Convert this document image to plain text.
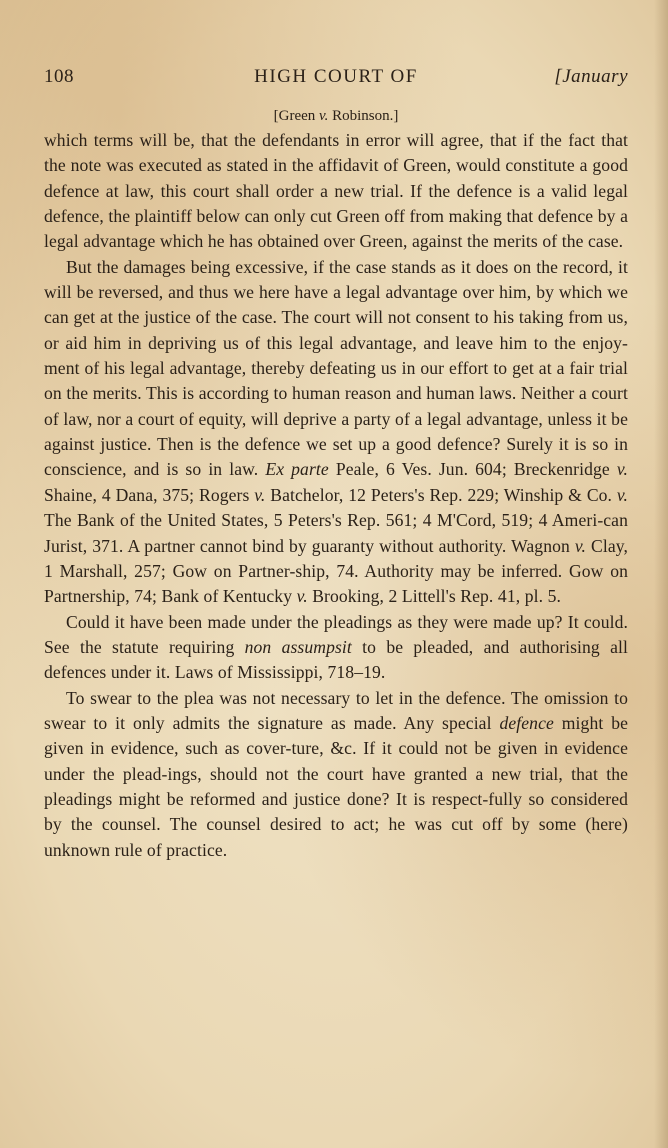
108	HIGH COURT OF	[January
[Green v. Robinson.]

which terms will be, that the defendants in error will agree, that if the fact that the note was executed as stated in the affidavit of Green, would constitute a good defence at law, this court shall order a new trial. If the defence is a valid legal defence, the plaintiff below can only cut Green off from making that defence by a legal advantage which he has obtained over Green, against the merits of the case.

But the damages being excessive, if the case stands as it does on the record, it will be reversed, and thus we here have a legal advantage over him, by which we can get at the justice of the case. The court will not consent to his taking from us, or aid him in depriving us of this legal advantage, and leave him to the enjoy-ment of his legal advantage, thereby defeating us in our effort to get at a fair trial on the merits. This is according to human reason and human laws. Neither a court of law, nor a court of equity, will deprive a party of a legal advantage, unless it be against justice. Then is the defence we set up a good defence? Surely it is so in conscience, and is so in law. Ex parte Peale, 6 Ves. Jun. 604; Breckenridge v. Shaine, 4 Dana, 375; Rogers v. Batchelor, 12 Peters's Rep. 229; Winship & Co. v. The Bank of the United States, 5 Peters's Rep. 561; 4 M'Cord, 519; 4 Ameri-can Jurist, 371. A partner cannot bind by guaranty without authority. Wagnon v. Clay, 1 Marshall, 257; Gow on Partner-ship, 74. Authority may be inferred. Gow on Partnership, 74; Bank of Kentucky v. Brooking, 2 Littell's Rep. 41, pl. 5.

Could it have been made under the pleadings as they were made up? It could. See the statute requiring non assumpsit to be pleaded, and authorising all defences under it. Laws of Mississippi, 718–19.

To swear to the plea was not necessary to let in the defence. The omission to swear to it only admits the signature as made. Any special defence might be given in evidence, such as cover-ture, &c. If it could not be given in evidence under the plead-ings, should not the court have granted a new trial, that the pleadings might be reformed and justice done? It is respect-fully so considered by the counsel. The counsel desired to act; he was cut off by some (here) unknown rule of practice.
